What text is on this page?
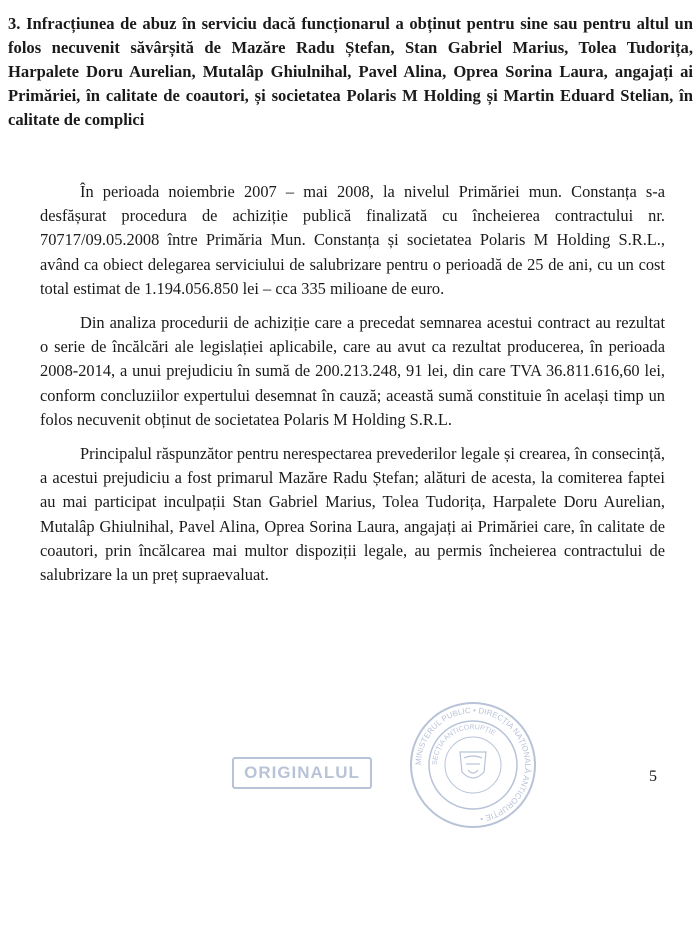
3. Infracțiunea de abuz în serviciu dacă funcționarul a obținut pentru sine sau pentru altul un folos necuvenit săvârșită de Mazăre Radu Ștefan, Stan Gabriel Marius, Tolea Tudorița, Harpalete Doru Aurelian, Mutalâp Ghiulnihal, Pavel Alina, Oprea Sorina Laura, angajați ai Primăriei, în calitate de coautori, și societatea Polaris M Holding și Martin Eduard Stelian, în calitate de complici

În perioada noiembrie 2007 – mai 2008, la nivelul Primăriei mun. Constanța s-a desfășurat procedura de achiziție publică finalizată cu încheierea contractului nr. 70717/09.05.2008 între Primăria Mun. Constanța și societatea Polaris M Holding S.R.L., având ca obiect delegarea serviciului de salubrizare pentru o perioadă de 25 de ani, cu un cost total estimat de 1.194.056.850 lei – cca 335 milioane de euro.

Din analiza procedurii de achiziție care a precedat semnarea acestui contract au rezultat o serie de încălcări ale legislației aplicabile, care au avut ca rezultat producerea, în perioada 2008-2014, a unui prejudiciu în sumă de 200.213.248, 91 lei, din care TVA 36.811.616,60 lei, conform concluziilor expertului desemnat în cauză; această sumă constituie în același timp un folos necuvenit obținut de societatea Polaris M Holding S.R.L.

Principalul răspunzător pentru nerespectarea prevederilor legale și crearea, în consecință, a acestui prejudiciu a fost primarul Mazăre Radu Ștefan; alături de acesta, la comiterea faptei au mai participat inculpații Stan Gabriel Marius, Tolea Tudorița, Harpalete Doru Aurelian, Mutalâp Ghiulnihal, Pavel Alina, Oprea Sorina Laura, angajați ai Primăriei care, în calitate de coautori, prin încălcarea mai multor dispoziții legale, au permis încheierea contractului de salubrizare la un preț supraevaluat.

ORIGINALUL
MINISTERUL PUBLIC • DIRECȚIA NAȚIONALĂ ANTICORUPȚIE •
SECȚIA ANTICORUPȚIE
5
